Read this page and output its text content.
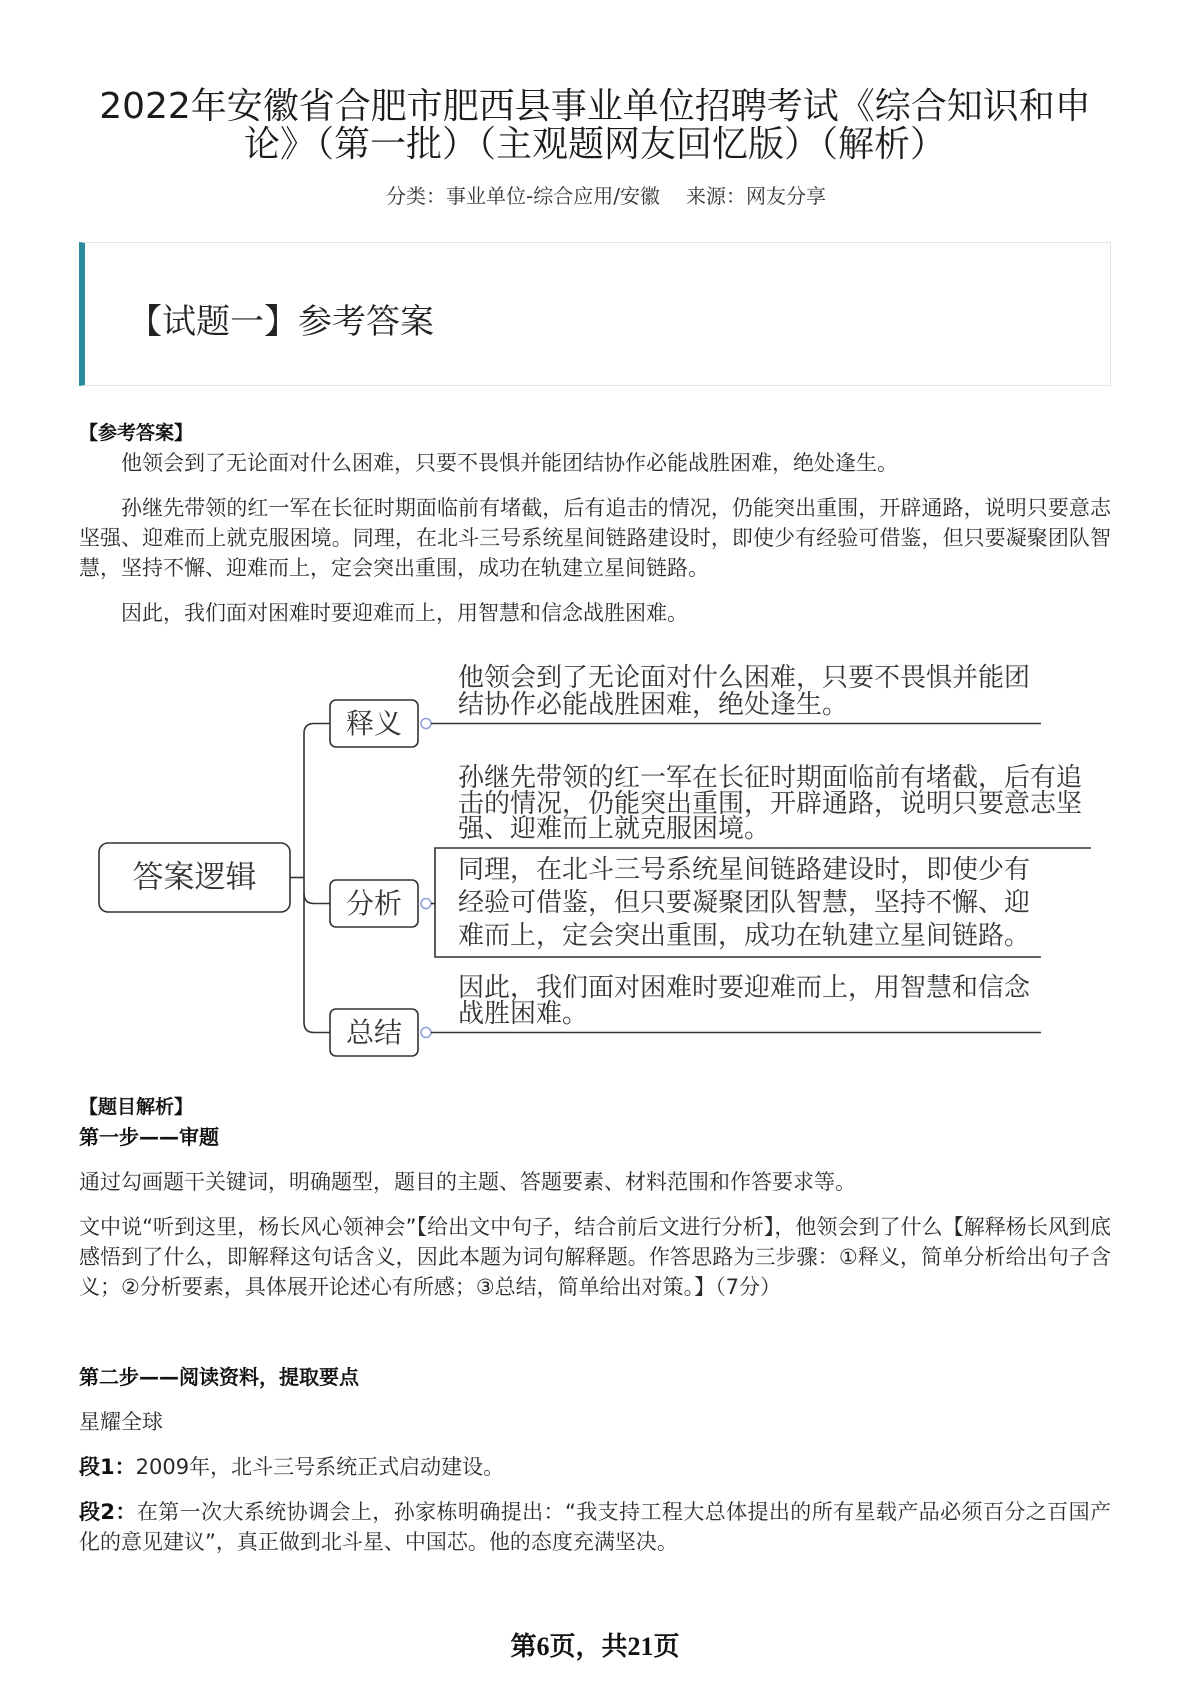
2022年安徽省合肥市肥西县事业单位招聘考试《综合知识和申
论》（第一批）（主观题网友回忆版）（解析）
分类：事业单位-综合应用/安徽 来源：网友分享
【试题一】参考答案
【参考答案】

他领会到了无论面对什么困难，只要不畏惧并能团结协作必能战胜困难，绝处逢生。

孙继先带领的红一军在长征时期面临前有堵截，后有追击的情况，仍能突出重围，开辟通路，说明只要意志坚强、迎难而上就克服困境。同理，在北斗三号系统星间链路建设时，即使少有经验可借鉴，但只要凝聚团队智慧，坚持不懈、迎难而上，定会突出重围，成功在轨建立星间链路。

因此，我们面对困难时要迎难而上，用智慧和信念战胜困难。

答案逻辑
释义
他领会到了无论面对什么困难，只要不畏惧并能团
结协作必能战胜困难，绝处逢生。
分析
孙继先带领的红一军在长征时期面临前有堵截，后有追
击的情况，仍能突出重围，开辟通路，说明只要意志坚
强、迎难而上就克服困境。
同理，在北斗三号系统星间链路建设时，即使少有
经验可借鉴，但只要凝聚团队智慧，坚持不懈、迎
难而上，定会突出重围，成功在轨建立星间链路。
总结
因此，我们面对困难时要迎难而上，用智慧和信念
战胜困难。
【题目解析】
第一步——审题

通过勾画题干关键词，明确题型，题目的主题、答题要素、材料范围和作答要求等。

文中说“听到这里，杨长风心领神会”【给出文中句子，结合前后文进行分析】，他领会到了什么【解释杨长风到底感悟到了什么，即解释这句话含义，因此本题为词句解释题。作答思路为三步骤：①释义，简单分析给出句子含义；②分析要素，具体展开论述心有所感；③总结，简单给出对策。】（7分）

第二步——阅读资料，提取要点

星耀全球

段1：2009年，北斗三号系统正式启动建设。

段2：在第一次大系统协调会上，孙家栋明确提出：“我支持工程大总体提出的所有星载产品必须百分之百国产化的意见建议”，真正做到北斗星、中国芯。他的态度充满坚决。

第6页，共21页
